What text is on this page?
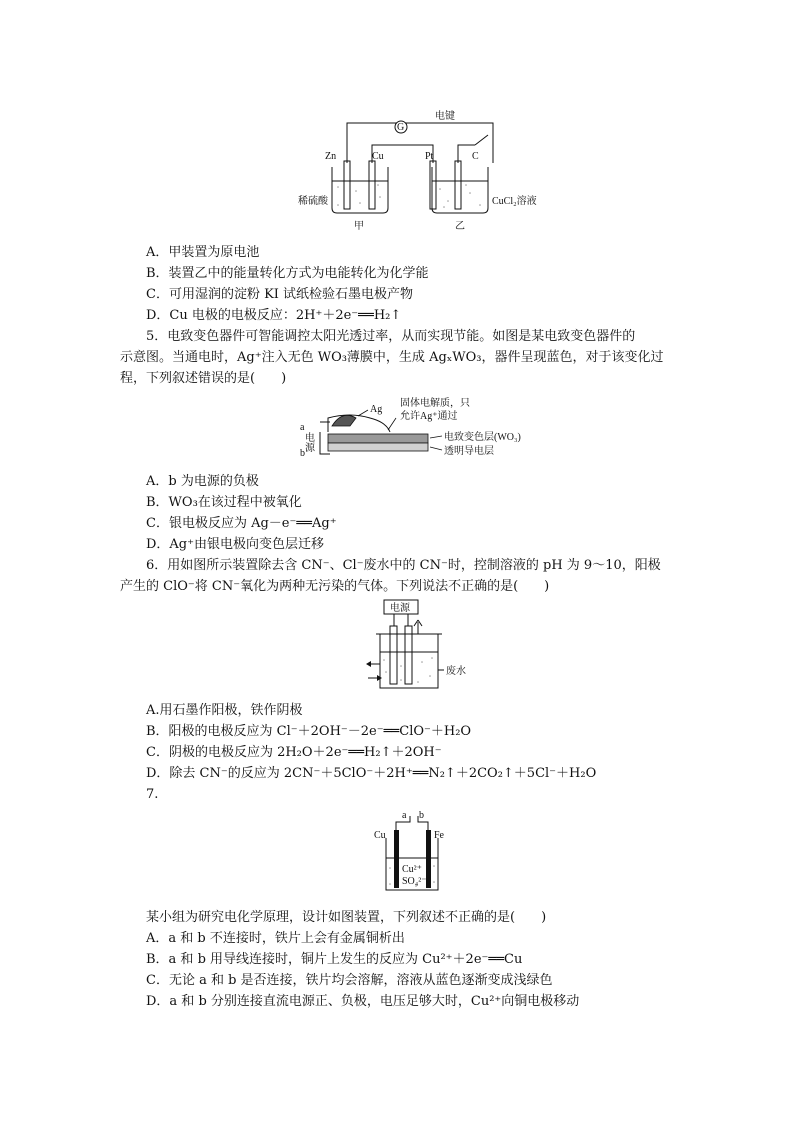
G
电键
Zn	Cu	Pt	C
稀硫酸	CuCl₂溶液
甲	乙
A．甲装置为原电池
B．装置乙中的能量转化方式为电能转化为化学能
C．可用湿润的淀粉 KI 试纸检验石墨电极产物
D．Cu 电极的电极反应：2H⁺＋2e⁻══H₂↑
5．电致变色器件可智能调控太阳光透过率，从而实现节能。如图是某电致变色器件的
示意图。当通电时，Ag⁺注入无色 WO₃薄膜中，生成 AgₓWO₃，器件呈现蓝色，对于该变化过
程，下列叙述错误的是(　　)
Ag
固体电解质，只
允许Ag⁺通过
a
b
电源	电致变色层(WO₃)
透明导电层
A．b 为电源的负极
B．WO₃在该过程中被氧化
C．银电极反应为 Ag－e⁻══Ag⁺
D．Ag⁺由银电极向变色层迁移
6．用如图所示装置除去含 CN⁻、Cl⁻废水中的 CN⁻时，控制溶液的 pH 为 9～10，阳极
产生的 ClO⁻将 CN⁻氧化为两种无污染的气体。下列说法不正确的是(　　)
电源
废水
A.用石墨作阳极，铁作阴极
B．阳极的电极反应为 Cl⁻＋2OH⁻－2e⁻══ClO⁻＋H₂O
C．阴极的电极反应为 2H₂O＋2e⁻══H₂↑＋2OH⁻
D．除去 CN⁻的反应为 2CN⁻＋5ClO⁻＋2H⁺══N₂↑＋2CO₂↑＋5Cl⁻＋H₂O
7.
a b
Cu	Fe
Cu²⁺
SO₄²⁻
某小组为研究电化学原理，设计如图装置，下列叙述不正确的是(　　)
A．a 和 b 不连接时，铁片上会有金属铜析出
B．a 和 b 用导线连接时，铜片上发生的反应为 Cu²⁺＋2e⁻══Cu
C．无论 a 和 b 是否连接，铁片均会溶解，溶液从蓝色逐渐变成浅绿色
D．a 和 b 分别连接直流电源正、负极，电压足够大时，Cu²⁺向铜电极移动
